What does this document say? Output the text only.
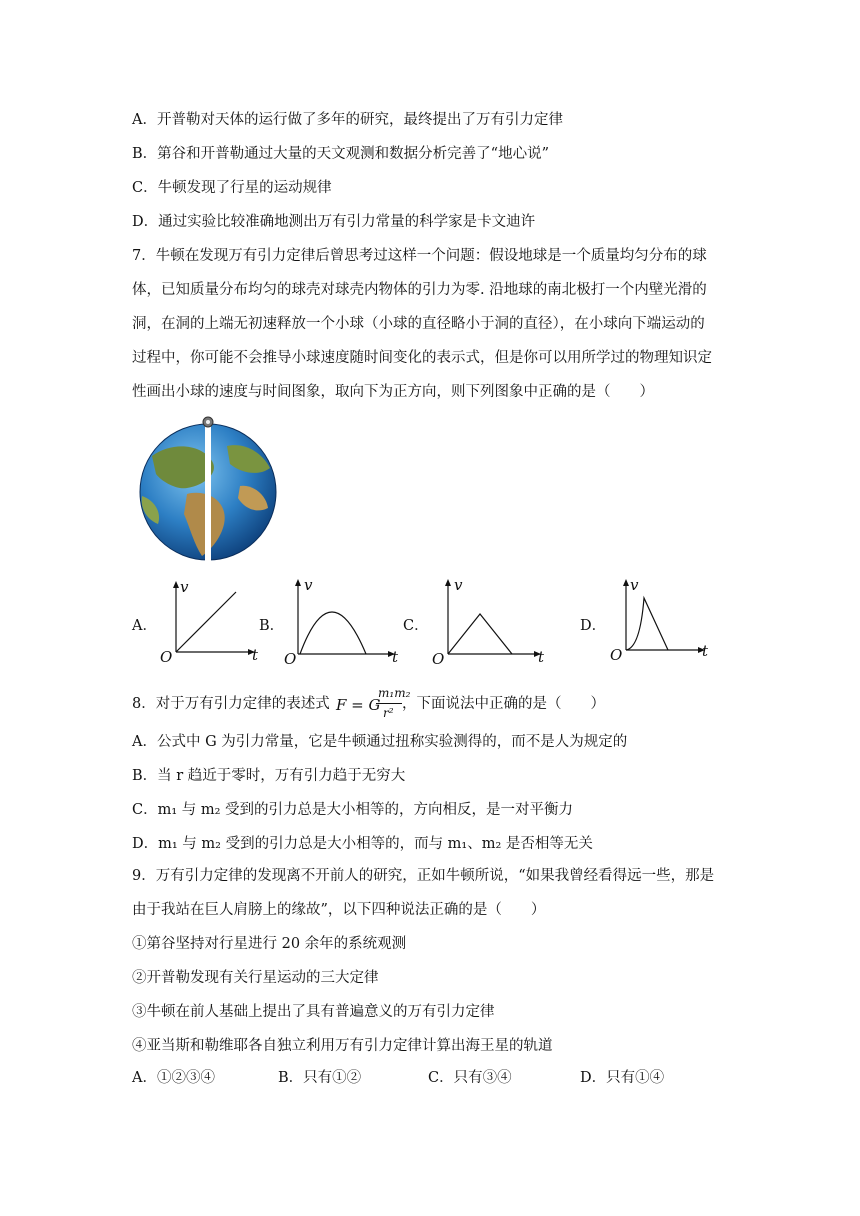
A．开普勒对天体的运行做了多年的研究，最终提出了万有引力定律
B．第谷和开普勒通过大量的天文观测和数据分析完善了“地心说”
C．牛顿发现了行星的运动规律
D．通过实验比较准确地测出万有引力常量的科学家是卡文迪许
7．牛顿在发现万有引力定律后曾思考过这样一个问题：假设地球是一个质量均匀分布的球
体，已知质量分布均匀的球壳对球壳内物体的引力为零. 沿地球的南北极打一个内壁光滑的
洞，在洞的上端无初速释放一个小球（小球的直径略小于洞的直径），在小球向下端运动的
过程中，你可能不会推导小球速度随时间变化的表示式，但是你可以用所学过的物理知识定
性画出小球的速度与时间图象，取向下为正方向，则下列图象中正确的是（　　）
A．
v
t
O
B．
v
t
O
C．
v
t
O
D．
v
t
O
8．对于万有引力定律的表述式 F = G
m₁m₂
r²
，下面说法中正确的是（　　）
A．公式中 G 为引力常量，它是牛顿通过扭称实验测得的，而不是人为规定的
B．当 r 趋近于零时，万有引力趋于无穷大
C．m₁ 与 m₂ 受到的引力总是大小相等的，方向相反，是一对平衡力
D．m₁ 与 m₂ 受到的引力总是大小相等的，而与 m₁、m₂ 是否相等无关
9．万有引力定律的发现离不开前人的研究，正如牛顿所说，“如果我曾经看得远一些，那是
由于我站在巨人肩膀上的缘故”，以下四种说法正确的是（　　）
①第谷坚持对行星进行 20 余年的系统观测
②开普勒发现有关行星运动的三大定律
③牛顿在前人基础上提出了具有普遍意义的万有引力定律
④亚当斯和勒维耶各自独立利用万有引力定律计算出海王星的轨道
A．①②③④	B．只有①②	C．只有③④	D．只有①④
